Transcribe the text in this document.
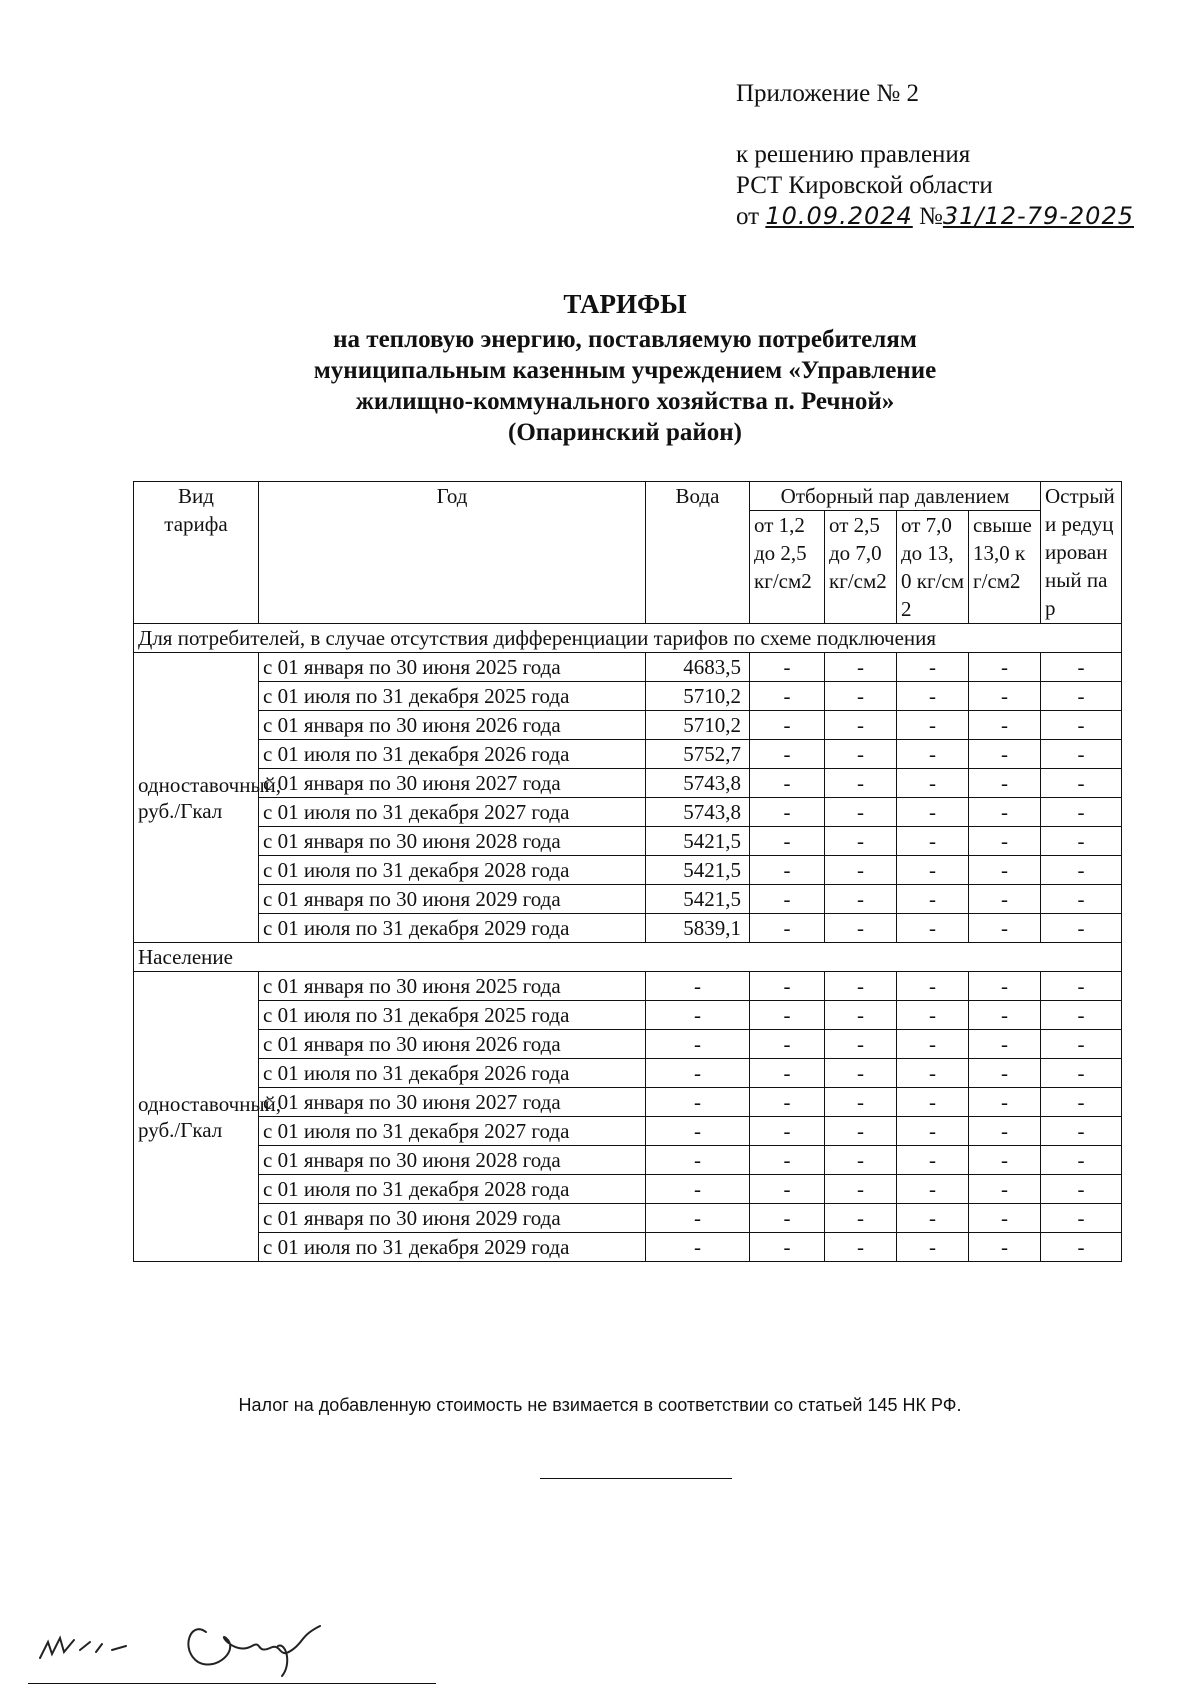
Приложение № 2
к решению правления
РСТ Кировской области
от 10.09.2024 №31/12-79-2025
ТАРИФЫ
на тепловую энергию, поставляемую потребителям
муниципальным казенным учреждением «Управление
жилищно-коммунального хозяйства п. Речной»
(Опаринский район)
Вид тарифа	Год	Вода	Отборный пар давлением				Острый и редуцированный пар
			от 1,2 до 2,5 кг/см2	от 2,5 до 7,0 кг/см2	от 7,0 до 13,0 кг/см2	свыше 13,0 кг/см2	
Для потребителей, в случае отсутствия дифференциации тарифов по схеме подключения							
одноставочный, руб./Гкал	с 01 января по 30 июня 2025 года	4683,5	-	-	-	-	-
	с 01 июля по 31 декабря 2025 года	5710,2	-	-	-	-	-
	с 01 января по 30 июня 2026 года	5710,2	-	-	-	-	-
	с 01 июля по 31 декабря 2026 года	5752,7	-	-	-	-	-
	с 01 января по 30 июня 2027 года	5743,8	-	-	-	-	-
	с 01 июля по 31 декабря 2027 года	5743,8	-	-	-	-	-
	с 01 января по 30 июня 2028 года	5421,5	-	-	-	-	-
	с 01 июля по 31 декабря 2028 года	5421,5	-	-	-	-	-
	с 01 января по 30 июня 2029 года	5421,5	-	-	-	-	-
	с 01 июля по 31 декабря 2029 года	5839,1	-	-	-	-	-
Население							
одноставочный, руб./Гкал	с 01 января по 30 июня 2025 года	-	-	-	-	-	-
	с 01 июля по 31 декабря 2025 года	-	-	-	-	-	-
	с 01 января по 30 июня 2026 года	-	-	-	-	-	-
	с 01 июля по 31 декабря 2026 года	-	-	-	-	-	-
	с 01 января по 30 июня 2027 года	-	-	-	-	-	-
	с 01 июля по 31 декабря 2027 года	-	-	-	-	-	-
	с 01 января по 30 июня 2028 года	-	-	-	-	-	-
	с 01 июля по 31 декабря 2028 года	-	-	-	-	-	-
	с 01 января по 30 июня 2029 года	-	-	-	-	-	-
	с 01 июля по 31 декабря 2029 года	-	-	-	-	-	-
Налог на добавленную стоимость не взимается в соответствии со статьей 145 НК РФ.
